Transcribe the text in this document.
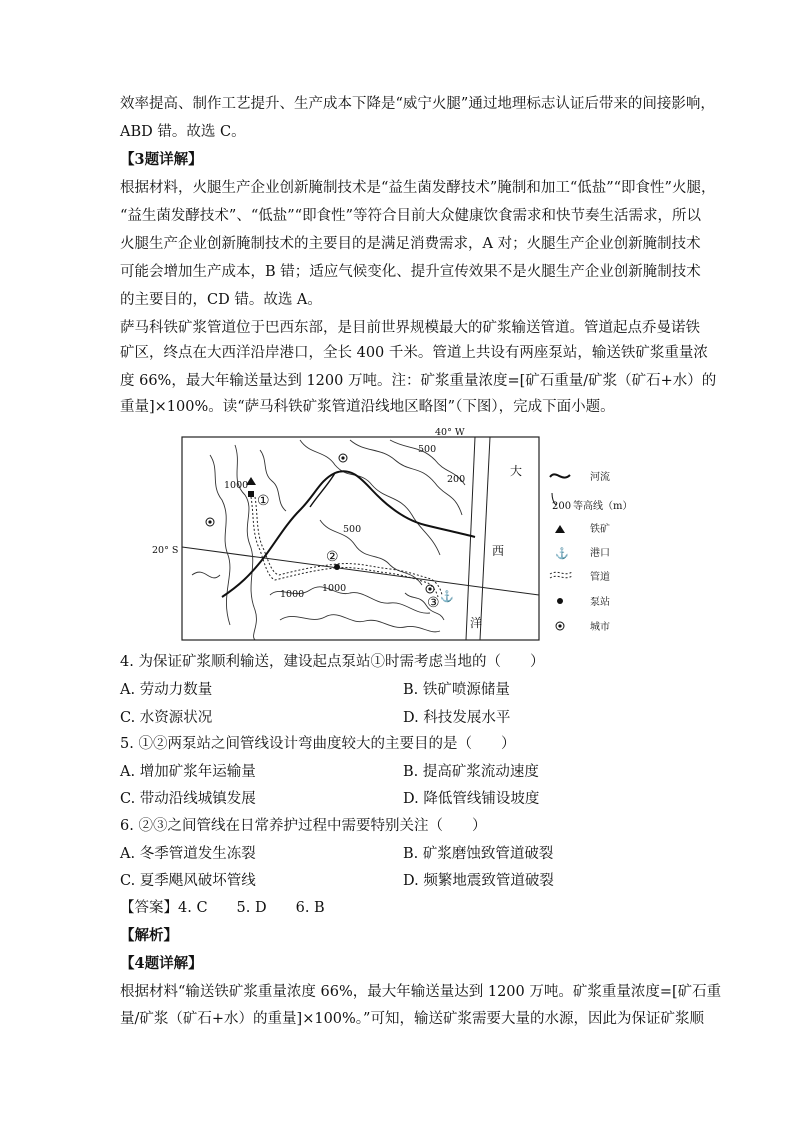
效率提高、制作工艺提升、生产成本下降是“威宁火腿”通过地理标志认证后带来的间接影响，
ABD 错。故选 C。
【3题详解】
根据材料，火腿生产企业创新腌制技术是“益生菌发酵技术”腌制和加工“低盐”“即食性”火腿，
“益生菌发酵技术”、“低盐”“即食性”等符合目前大众健康饮食需求和快节奏生活需求，所以
火腿生产企业创新腌制技术的主要目的是满足消费需求，A 对；火腿生产企业创新腌制技术
可能会增加生产成本，B 错；适应气候变化、提升宣传效果不是火腿生产企业创新腌制技术
的主要目的，CD 错。故选 A。
萨马科铁矿浆管道位于巴西东部，是目前世界规模最大的矿浆输送管道。管道起点乔曼诺铁
矿区，终点在大西洋沿岸港口，全长 400 千米。管道上共设有两座泵站，输送铁矿浆重量浓
度 66%，最大年输送量达到 1200 万吨。注：矿浆重量浓度=[矿石重量/矿浆（矿石+水）的
重量]×100%。读“萨马科铁矿浆管道沿线地区略图”（下图），完成下面小题。
40° W
20° S
1000
①
②
③ ⚓
500
200
500
1000
1000
大
西
洋
河流
200 等高线（m）
铁矿
⚓ 港口
管道
泵站
城市
4. 为保证矿浆顺利输送，建设起点泵站①时需考虑当地的（　　）
A. 劳动力数量	B. 铁矿喷源储量
C. 水资源状况	D. 科技发展水平
5. ①②两泵站之间管线设计弯曲度较大的主要目的是（　　）
A. 增加矿浆年运输量	B. 提高矿浆流动速度
C. 带动沿线城镇发展	D. 降低管线铺设坡度
6. ②③之间管线在日常养护过程中需要特别关注（　　）
A. 冬季管道发生冻裂	B. 矿浆磨蚀致管道破裂
C. 夏季飓风破坏管线	D. 频繁地震致管道破裂
【答案】4. C　　5. D　　6. B
【解析】
【4题详解】
根据材料“输送铁矿浆重量浓度 66%，最大年输送量达到 1200 万吨。矿浆重量浓度=[矿石重
量/矿浆（矿石+水）的重量]×100%。”可知，输送矿浆需要大量的水源，因此为保证矿浆顺
